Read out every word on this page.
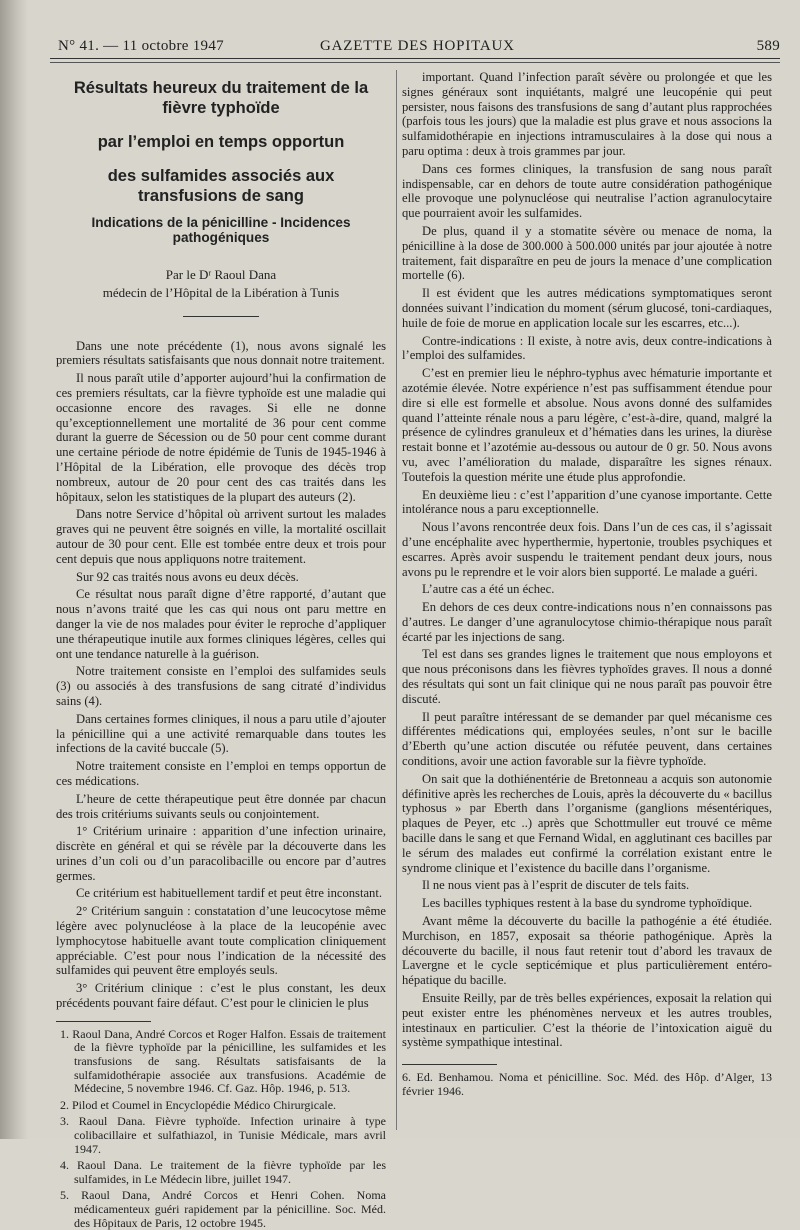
N° 41. — 11 octobre 1947	GAZETTE DES HOPITAUX	589
Résultats heureux du traitement de la fièvre typhoïde
par l’emploi en temps opportun
des sulfamides associés aux transfusions de sang
Indications de la pénicilline - Incidences pathogéniques
Par le Dʳ Raoul Dana
médecin de l’Hôpital de la Libération à Tunis

Dans une note précédente (1), nous avons signalé les premiers résultats satisfaisants que nous donnait notre traitement.

Il nous paraît utile d’apporter aujourd’hui la confirmation de ces premiers résultats, car la fièvre typhoïde est une maladie qui occasionne encore des ravages. Si elle ne donne qu’exceptionnellement une mortalité de 36 pour cent comme durant la guerre de Sécession ou de 50 pour cent comme durant une certaine période de notre épidémie de Tunis de 1945-1946 à l’Hôpital de la Libération, elle provoque des décès trop nombreux, autour de 20 pour cent des cas traités dans les hôpitaux, selon les statistiques de la plupart des auteurs (2).

Dans notre Service d’hôpital où arrivent surtout les malades graves qui ne peuvent être soignés en ville, la mortalité oscillait autour de 30 pour cent. Elle est tombée entre deux et trois pour cent depuis que nous appliquons notre traitement.

Sur 92 cas traités nous avons eu deux décès.

Ce résultat nous paraît digne d’être rapporté, d’autant que nous n’avons traité que les cas qui nous ont paru mettre en danger la vie de nos malades pour éviter le reproche d’appliquer une thérapeutique inutile aux formes cliniques légères, celles qui ont une tendance naturelle à la guérison.

Notre traitement consiste en l’emploi des sulfamides seuls (3) ou associés à des transfusions de sang citraté d’individus sains (4).

Dans certaines formes cliniques, il nous a paru utile d’ajouter la pénicilline qui a une activité remarquable dans toutes les infections de la cavité buccale (5).

Notre traitement consiste en l’emploi en temps opportun de ces médications.

L’heure de cette thérapeutique peut être donnée par chacun des trois critériums suivants seuls ou conjointement.

1° Critérium urinaire : apparition d’une infection urinaire, discrète en général et qui se révèle par la découverte dans les urines d’un coli ou d’un paracolibacille ou encore par d’autres germes.

Ce critérium est habituellement tardif et peut être inconstant.

2° Critérium sanguin : constatation d’une leucocytose même légère avec polynucléose à la place de la leucopénie avec lymphocytose habituelle avant toute complication cliniquement appréciable. C’est pour nous l’indication de la nécessité des sulfamides qui peuvent être employés seuls.

3° Critérium clinique : c’est le plus constant, les deux précédents pouvant faire défaut. C’est pour le clinicien le plus

1. Raoul Dana, André Corcos et Roger Halfon. Essais de traitement de la fièvre typhoïde par la pénicilline, les sulfamides et les transfusions de sang. Résultats satisfaisants de la sulfamidothérapie associée aux transfusions. Académie de Médecine, 5 novembre 1946. Cf. Gaz. Hôp. 1946, p. 513.

2. Pilod et Coumel in Encyclopédie Médico Chirurgicale.

3. Raoul Dana. Fièvre typhoïde. Infection urinaire à type colibacillaire et sulfathiazol, in Tunisie Médicale, mars avril 1947.

4. Raoul Dana. Le traitement de la fièvre typhoïde par les sulfamides, in Le Médecin libre, juillet 1947.

5. Raoul Dana, André Corcos et Henri Cohen. Noma médicamenteux guéri rapidement par la pénicilline. Soc. Méd. des Hôpitaux de Paris, 12 octobre 1945.

important. Quand l’infection paraît sévère ou prolongée et que les signes généraux sont inquiétants, malgré une leucopénie qui peut persister, nous faisons des transfusions de sang d’autant plus rapprochées (parfois tous les jours) que la maladie est plus grave et nous associons la sulfamidothérapie en injections intramusculaires à la dose qui nous a paru optima : deux à trois grammes par jour.

Dans ces formes cliniques, la transfusion de sang nous paraît indispensable, car en dehors de toute autre considération pathogénique elle provoque une polynucléose qui neutralise l’action agranulocytaire que pourraient avoir les sulfamides.

De plus, quand il y a stomatite sévère ou menace de noma, la pénicilline à la dose de 300.000 à 500.000 unités par jour ajoutée à notre traitement, fait disparaître en peu de jours la menace d’une complication mortelle (6).

Il est évident que les autres médications symptomatiques seront données suivant l’indication du moment (sérum glucosé, toni-cardiaques, huile de foie de morue en application locale sur les escarres, etc...).

Contre-indications : Il existe, à notre avis, deux contre-indications à l’emploi des sulfamides.

C’est en premier lieu le néphro-typhus avec hématurie importante et azotémie élevée. Notre expérience n’est pas suffisamment étendue pour dire si elle est formelle et absolue. Nous avons donné des sulfamides quand l’atteinte rénale nous a paru légère, c’est-à-dire, quand, malgré la présence de cylindres granuleux et d’hématies dans les urines, la diurèse restait bonne et l’azotémie au-dessous ou autour de 0 gr. 50. Nous avons vu, avec l’amélioration du malade, disparaître les signes rénaux. Toutefois la question mérite une étude plus approfondie.

En deuxième lieu : c’est l’apparition d’une cyanose importante. Cette intolérance nous a paru exceptionnelle.

Nous l’avons rencontrée deux fois. Dans l’un de ces cas, il s’agissait d’une encéphalite avec hyperthermie, hypertonie, troubles psychiques et escarres. Après avoir suspendu le traitement pendant deux jours, nous avons pu le reprendre et le voir alors bien supporté. Le malade a guéri.

L’autre cas a été un échec.

En dehors de ces deux contre-indications nous n’en connaissons pas d’autres. Le danger d’une agranulocytose chimio-thérapique nous paraît écarté par les injections de sang.

Tel est dans ses grandes lignes le traitement que nous employons et que nous préconisons dans les fièvres typhoïdes graves. Il nous a donné des résultats qui sont un fait clinique qui ne nous paraît pas pouvoir être discuté.

Il peut paraître intéressant de se demander par quel mécanisme ces différentes médications qui, employées seules, n’ont sur le bacille d’Eberth qu’une action discutée ou réfutée peuvent, dans certaines conditions, avoir une action favorable sur la fièvre typhoïde.

On sait que la dothiénentérie de Bretonneau a acquis son autonomie définitive après les recherches de Louis, après la découverte du « bacillus typhosus » par Eberth dans l’organisme (ganglions mésentériques, plaques de Peyer, etc ..) après que Schottmuller eut trouvé ce même bacille dans le sang et que Fernand Widal, en agglutinant ces bacilles par le sérum des malades eut confirmé la corrélation existant entre le syndrome clinique et l’existence du bacille dans l’organisme.

Il ne nous vient pas à l’esprit de discuter de tels faits.

Les bacilles typhiques restent à la base du syndrome typhoïdique.

Avant même la découverte du bacille la pathogénie a été étudiée. Murchison, en 1857, exposait sa théorie pathogénique. Après la découverte du bacille, il nous faut retenir tout d’abord les travaux de Lavergne et le cycle septicémique et plus particulièrement entéro-hépatique du bacille.

Ensuite Reilly, par de très belles expériences, exposait la relation qui peut exister entre les phénomènes nerveux et les autres troubles, intestinaux en particulier. C’est la théorie de l’intoxication aiguë du système sympathique intestinal.

6. Ed. Benhamou. Noma et pénicilline. Soc. Méd. des Hôp. d’Alger, 13 février 1946.
